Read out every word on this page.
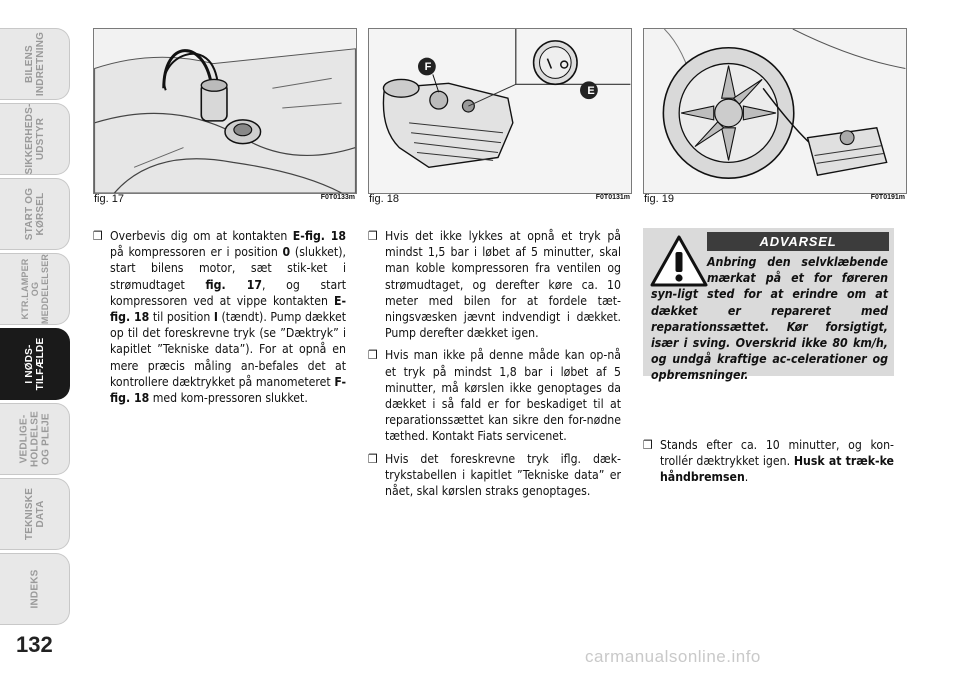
BILENS
INDRETNING
SIKKERHEDS-
UDSTYR
START OG
KØRSEL
KTR.LAMPER
OG
MEDDELELSER
I NØDS-
TILFÆLDE
VEDLIGE-
HOLDELSE
OG PLEJE
TEKNISKE
DATA
INDEKS
132
fig. 17	F0T0133m
F
E
fig. 18	F0T0131m fig. 19	F0T0191m
❒ Overbevis dig om at kontakten E-fig. 18 på kompressoren er i position 0 (slukket), start bilens motor, sæt stik-ket i strømudtaget fig. 17, og start kompressoren ved at vippe kontakten E-fig. 18 til position I (tændt). Pump dækket op til det foreskrevne tryk (se ”Dæktryk” i kapitlet ”Tekniske data”). For at opnå en mere præcis måling an-befales det at kontrollere dæktrykket på manometeret F-fig. 18 med kom-pressoren slukket.
❒ Hvis det ikke lykkes at opnå et tryk på mindst 1,5 bar i løbet af 5 minutter, skal man koble kompressoren fra ventilen og strømudtaget, og derefter køre ca. 10 meter med bilen for at fordele tæt-ningsvæsken jævnt indvendigt i dækket. Pump derefter dækket igen.
❒ Hvis man ikke på denne måde kan op-nå et tryk på mindst 1,8 bar i løbet af 5 minutter, må kørslen ikke genoptages da dækket i så fald er for beskadiget til at reparationssættet kan sikre den for-nødne tæthed. Kontakt Fiats servicenet.
❒ Hvis det foreskrevne tryk iflg. dæk-trykstabellen i kapitlet ”Tekniske data” er nået, skal kørslen straks genoptages.
ADVARSEL
Anbring den selvklæbende mærkat på et for føreren syn-ligt sted for at erindre om at dækket er repareret med reparationssættet. Kør forsigtigt, især i sving. Overskrid ikke 80 km/h, og undgå kraftige ac-celerationer og opbremsninger.
❒ Stands efter ca. 10 minutter, og kon-trollér dæktrykket igen. Husk at træk-ke håndbremsen.
carmanualsonline.info
